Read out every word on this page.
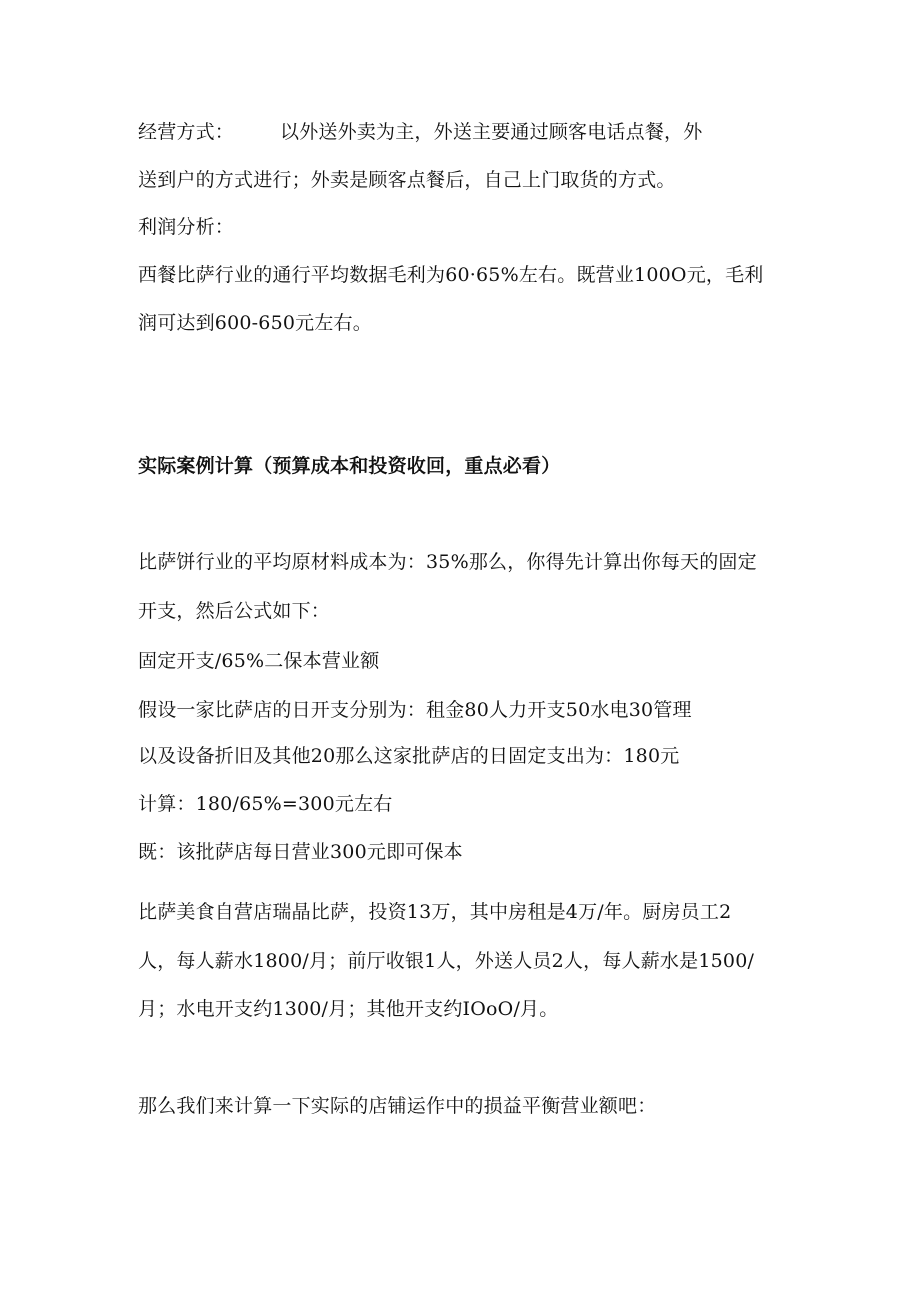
经营方式： 以外送外卖为主，外送主要通过顾客电话点餐，外
送到户的方式进行；外卖是顾客点餐后，自己上门取货的方式。
利润分析：
西餐比萨行业的通行平均数据毛利为60·65%左右。既营业100O元，毛利
润可达到600-650元左右。
实际案例计算（预算成本和投资收回，重点必看）
比萨饼行业的平均原材料成本为：35%那么，你得先计算出你每天的固定
开支，然后公式如下：
固定开支/65%二保本营业额
假设一家比萨店的日开支分别为：租金80人力开支50水电30管理
以及设备折旧及其他20那么这家批萨店的日固定支出为：180元
计算：180/65%=300元左右
既：该批萨店每日营业300元即可保本
比萨美食自营店瑞晶比萨，投资13万，其中房租是4万/年。厨房员工2
人，每人薪水1800/月；前厅收银1人，外送人员2人，每人薪水是1500/
月；水电开支约1300/月；其他开支约IOoO/月。
那么我们来计算一下实际的店铺运作中的损益平衡营业额吧：
